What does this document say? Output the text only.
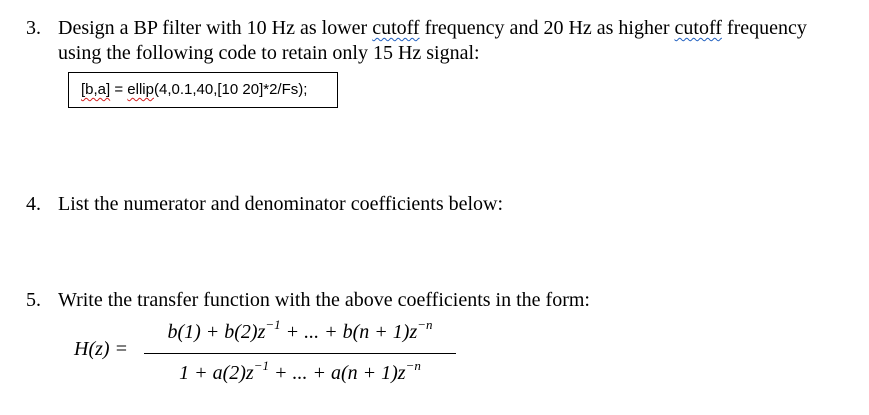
3. Design a BP filter with 10 Hz as lower cutoff frequency and 20 Hz as higher cutoff frequency
using the following code to retain only 15 Hz signal:
[b,a] = ellip(4,0.1,40,[10 20]*2/Fs);
4. List the numerator and denominator coefficients below:
5. Write the transfer function with the above coefficients in the form:
H(z) =
$b(1) + b(2)z^{-1}$ + ... + $b(n + 1)z^{-n}$
$1 + a(2)z^{-1}$ + ... + $a(n + 1)z^{-n}$
